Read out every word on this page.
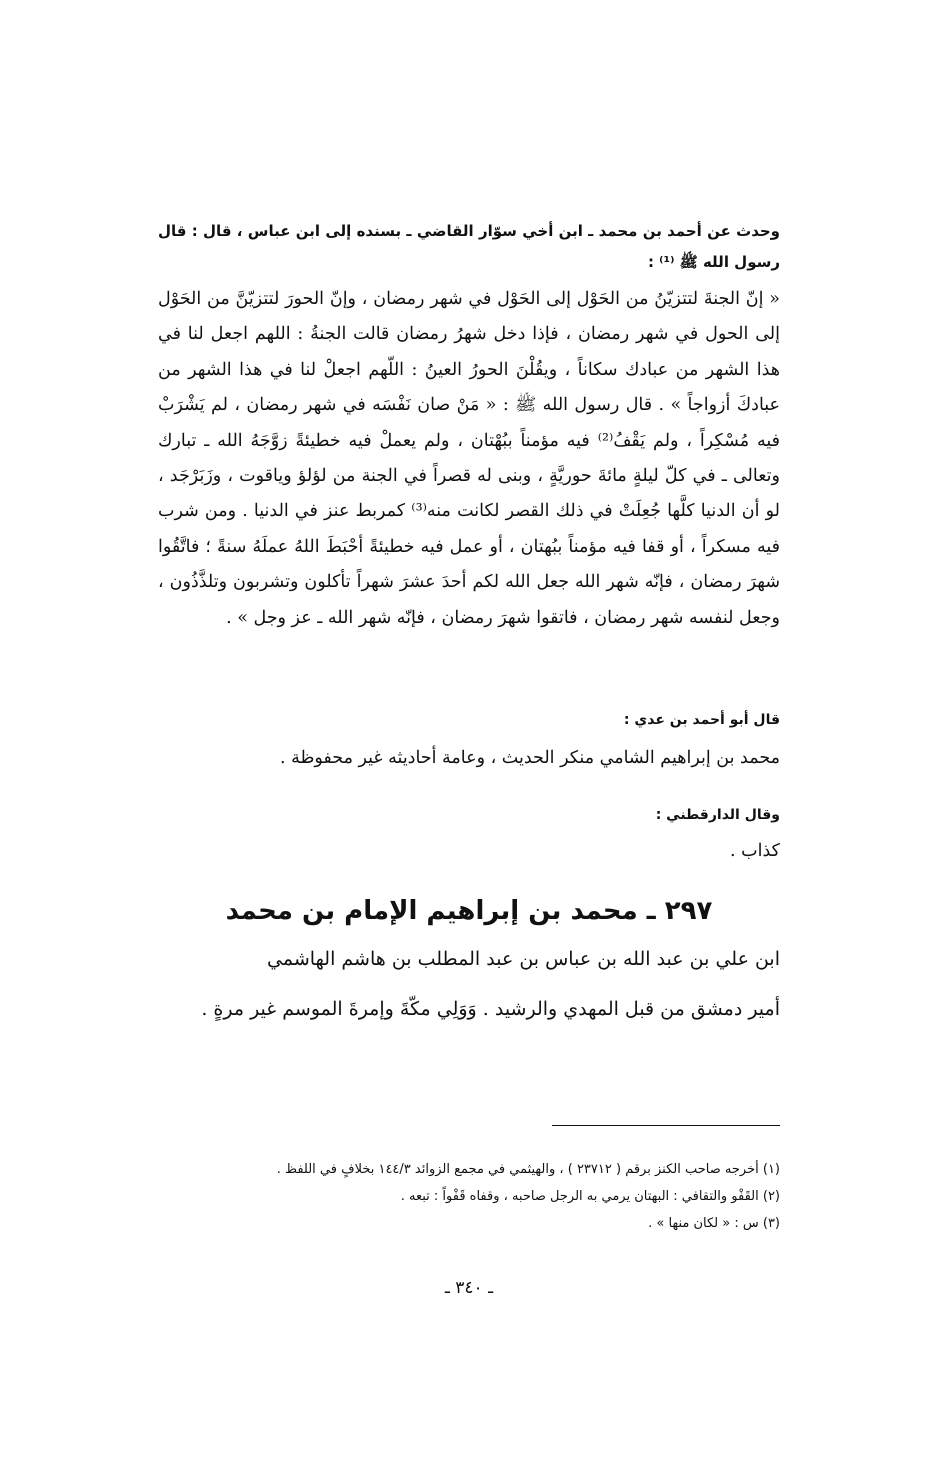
وحدث عن أحمد بن محمد ـ ابن أخي سوّار القاضي ـ بسنده إلى ابن عباس ، قال : قال رسول الله ﷺ ⁽¹⁾ :

« إنّ الجنةَ لتتزيّنُ من الحَوْل إلى الحَوْل في شهر رمضان ، وإنّ الحورَ لتتزيّنَّ من الحَوْل إلى الحول في شهر رمضان ، فإذا دخل شهرُ رمضان قالت الجنةُ : اللهم اجعل لنا في هذا الشهر من عبادك سكاناً ، ويقُلْنَ الحورُ العينُ : اللّهم اجعلْ لنا في هذا الشهر من عبادكَ أزواجاً » . قال رسول الله ﷺ : « مَنْ صان نَفْسَه في شهر رمضان ، لم يَشْرَبْ فيه مُسْكِراً ، ولم يَقْفُ⁽²⁾ فيه مؤمناً ببُهْتان ، ولم يعملْ فيه خطيئةً زوَّجَهُ الله ـ تبارك وتعالى ـ في كلّ ليلةٍ مائةَ حوريَّةٍ ، وبنى له قصراً في الجنة من لؤلؤ وياقوت ، وزَبَرْجَد ، لو أن الدنيا كلَّها جُعِلَتْ في ذلك القصر لكانت منه⁽³⁾ كمربط عنز في الدنيا . ومن شرب فيه مسكراً ، أو قفا فيه مؤمناً ببُهتان ، أو عمل فيه خطيئةً أحْبَطَ اللهُ عملَهُ سنةً ؛ فاتَّقُوا شهرَ رمضان ، فإنّه شهر الله جعل الله لكم أحدَ عشرَ شهراً تأكلون وتشربون وتلذَّذُون ، وجعل لنفسه شهر رمضان ، فاتقوا شهرَ رمضان ، فإنّه شهر الله ـ عز وجل » .

قال أبو أحمد بن عدي :
محمد بن إبراهيم الشامي منكر الحديث ، وعامة أحاديثه غير محفوظة .
وقال الدارقطني :
كذاب .
٢٩٧ ـ محمد بن إبراهيم الإمام بن محمد
ابن علي بن عبد الله بن عباس بن عبد المطلب بن هاشم الهاشمي
أمير دمشق من قبل المهدي والرشيد . وَوَلِي مكّةَ وإمرةَ الموسم غير مرةٍ .
(١) أخرجه صاحب الكنز برقم ( ٢٣٧١٢ ) ، والهيثمي في مجمع الزوائد ١٤٤/٣ بخلافٍ في اللفظ .
(٢) القَفْو والتقافي : البهتان يرمي به الرجل صاحبه ، وقفاه قَفْواً : تبعه .
(٣) س : « لكان منها » .
ـ ٣٤٠ ـ
